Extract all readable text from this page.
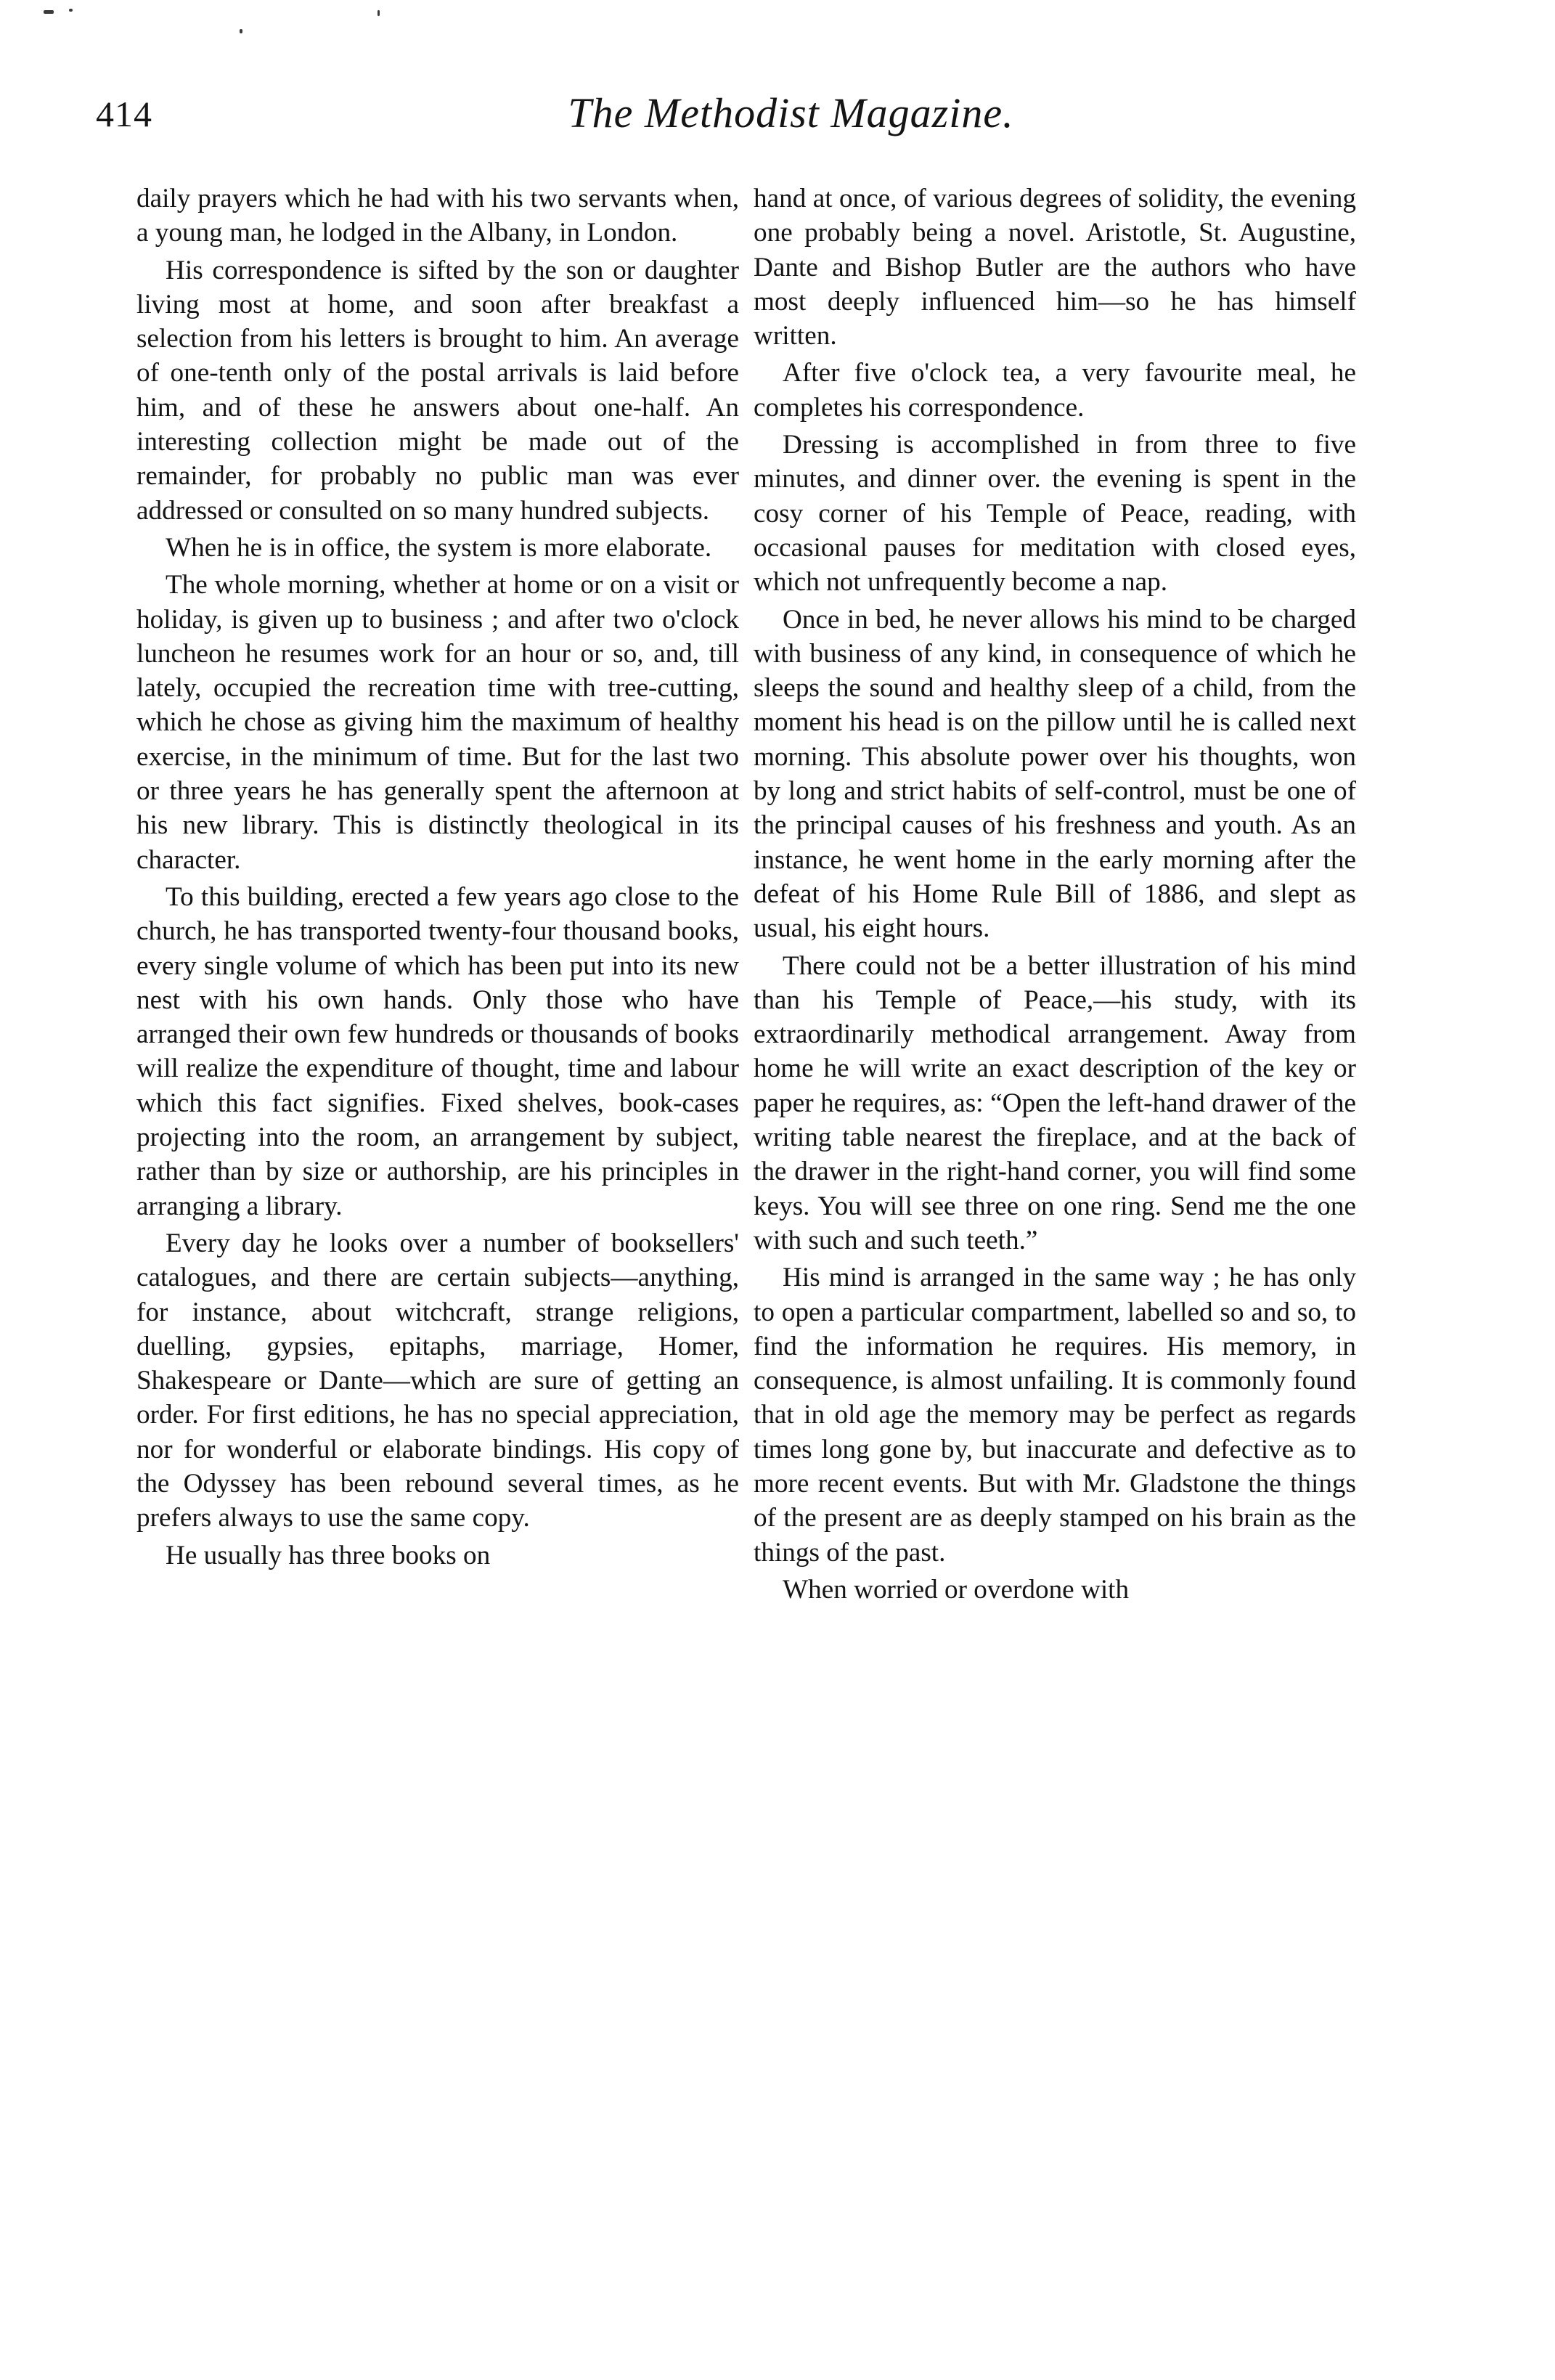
414	The Methodist Magazine.

daily prayers which he had with his two servants when, a young man, he lodged in the Albany, in London.

His correspondence is sifted by the son or daughter living most at home, and soon after breakfast a selection from his letters is brought to him. An average of one-tenth only of the postal arrivals is laid before him, and of these he answers about one-half. An interesting collection might be made out of the remainder, for probably no public man was ever addressed or consulted on so many hundred subjects.

When he is in office, the system is more elaborate.

The whole morning, whether at home or on a visit or holiday, is given up to business ; and after two o'clock luncheon he resumes work for an hour or so, and, till lately, occupied the recreation time with tree-cutting, which he chose as giving him the maximum of healthy exercise, in the minimum of time. But for the last two or three years he has generally spent the afternoon at his new library. This is distinctly theological in its character.

To this building, erected a few years ago close to the church, he has transported twenty-four thousand books, every single volume of which has been put into its new nest with his own hands. Only those who have arranged their own few hundreds or thousands of books will realize the expenditure of thought, time and labour which this fact signifies. Fixed shelves, book-cases projecting into the room, an arrangement by subject, rather than by size or authorship, are his principles in arranging a library.

Every day he looks over a number of booksellers' catalogues, and there are certain subjects—anything, for instance, about witchcraft, strange religions, duelling, gypsies, epitaphs, marriage, Homer, Shakespeare or Dante—which are sure of getting an order. For first editions, he has no special appreciation, nor for wonderful or elaborate bindings. His copy of the Odyssey has been rebound several times, as he prefers always to use the same copy.

He usually has three books on

hand at once, of various degrees of solidity, the evening one probably being a novel. Aristotle, St. Augustine, Dante and Bishop Butler are the authors who have most deeply influenced him—so he has himself written.

After five o'clock tea, a very favourite meal, he completes his correspondence.

Dressing is accomplished in from three to five minutes, and dinner over. the evening is spent in the cosy corner of his Temple of Peace, reading, with occasional pauses for meditation with closed eyes, which not unfrequently become a nap.

Once in bed, he never allows his mind to be charged with business of any kind, in consequence of which he sleeps the sound and healthy sleep of a child, from the moment his head is on the pillow until he is called next morning. This absolute power over his thoughts, won by long and strict habits of self-control, must be one of the principal causes of his freshness and youth. As an instance, he went home in the early morning after the defeat of his Home Rule Bill of 1886, and slept as usual, his eight hours.

There could not be a better illustration of his mind than his Temple of Peace,—his study, with its extraordinarily methodical arrangement. Away from home he will write an exact description of the key or paper he requires, as: “Open the left-hand drawer of the writing table nearest the fireplace, and at the back of the drawer in the right-hand corner, you will find some keys. You will see three on one ring. Send me the one with such and such teeth.”

His mind is arranged in the same way ; he has only to open a particular compartment, labelled so and so, to find the information he requires. His memory, in consequence, is almost unfailing. It is commonly found that in old age the memory may be perfect as regards times long gone by, but inaccurate and defective as to more recent events. But with Mr. Gladstone the things of the present are as deeply stamped on his brain as the things of the past.

When worried or overdone with
